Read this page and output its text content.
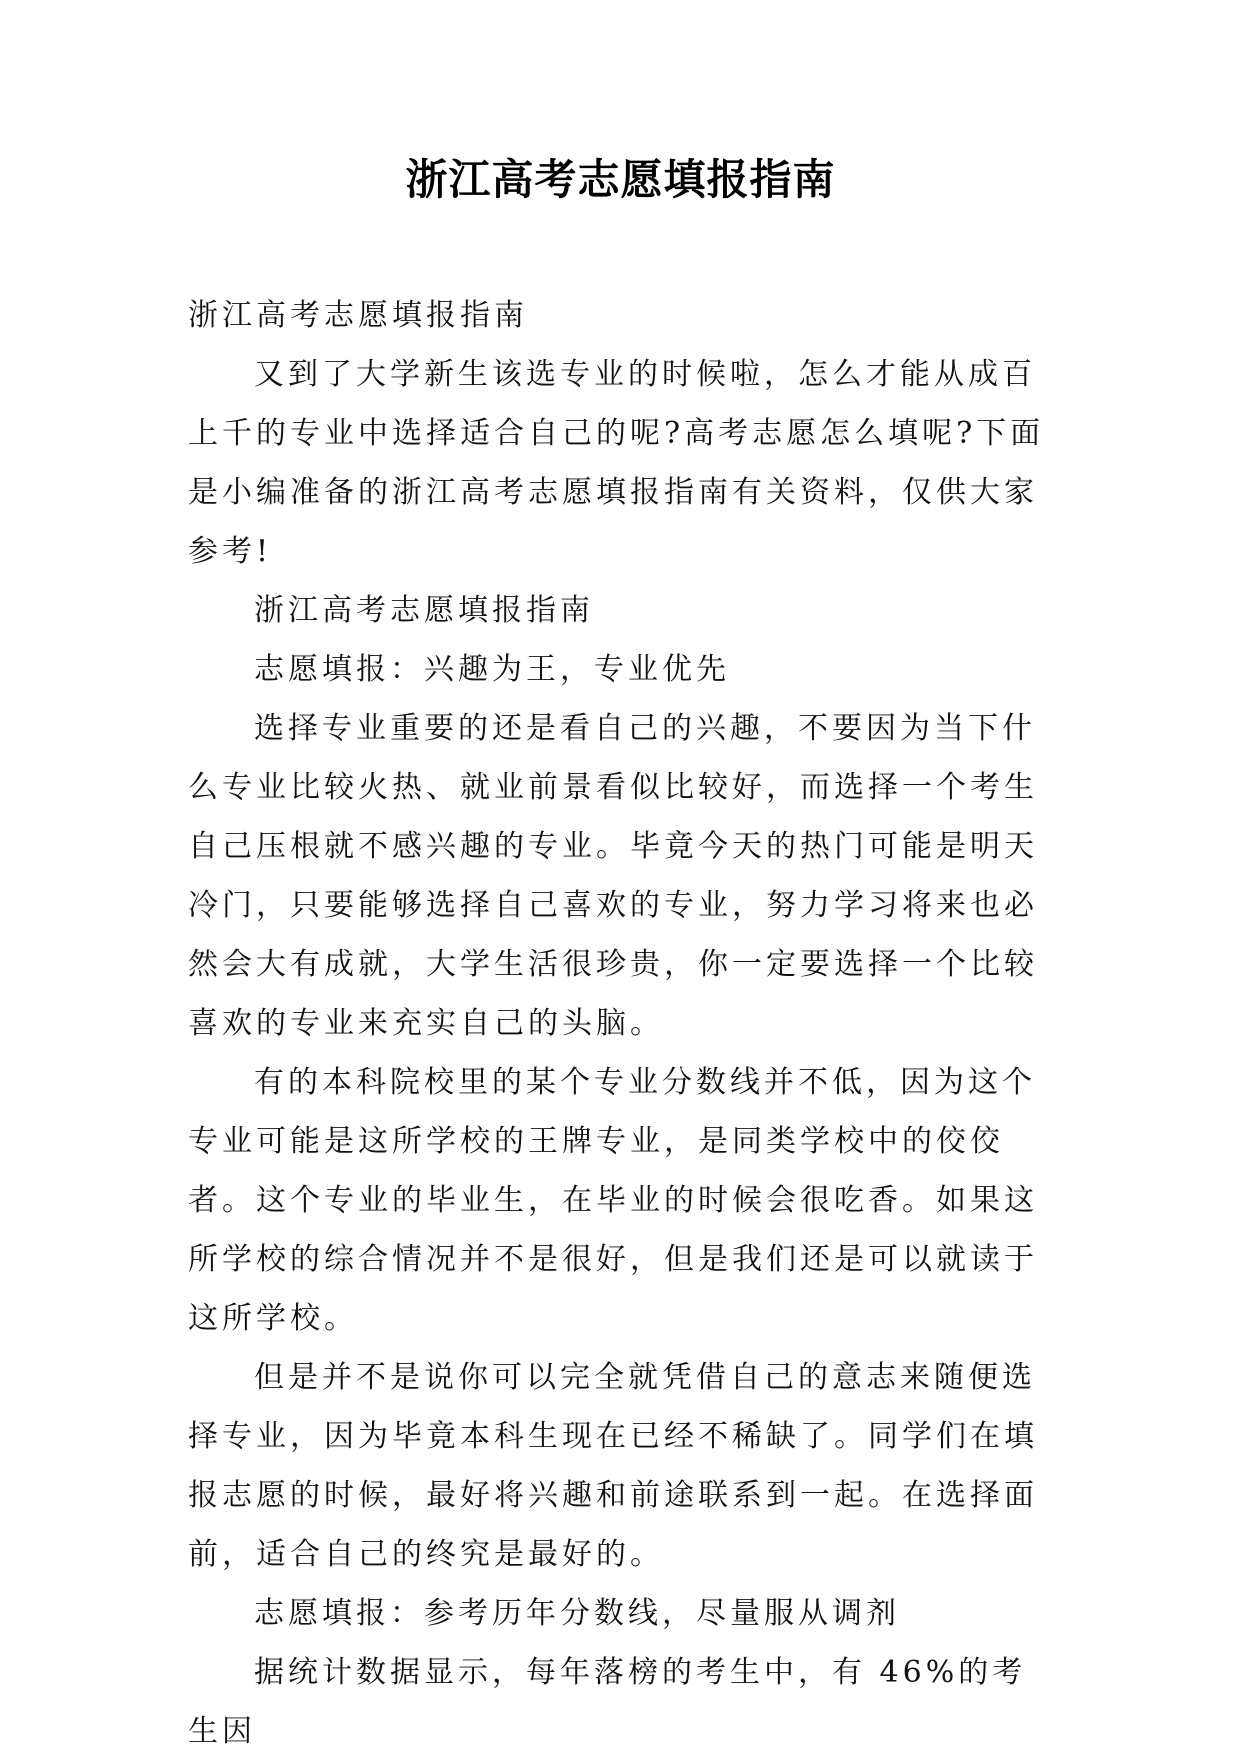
浙江高考志愿填报指南

浙江高考志愿填报指南

又到了大学新生该选专业的时候啦，怎么才能从成百上千的专业中选择适合自己的呢?高考志愿怎么填呢?下面是小编准备的浙江高考志愿填报指南有关资料，仅供大家参考!

浙江高考志愿填报指南

志愿填报：兴趣为王，专业优先

选择专业重要的还是看自己的兴趣，不要因为当下什么专业比较火热、就业前景看似比较好，而选择一个考生自己压根就不感兴趣的专业。毕竟今天的热门可能是明天冷门，只要能够选择自己喜欢的专业，努力学习将来也必然会大有成就，大学生活很珍贵，你一定要选择一个比较喜欢的专业来充实自己的头脑。

有的本科院校里的某个专业分数线并不低，因为这个专业可能是这所学校的王牌专业，是同类学校中的佼佼者。这个专业的毕业生，在毕业的时候会很吃香。如果这所学校的综合情况并不是很好，但是我们还是可以就读于这所学校。

但是并不是说你可以完全就凭借自己的意志来随便选择专业，因为毕竟本科生现在已经不稀缺了。同学们在填报志愿的时候，最好将兴趣和前途联系到一起。在选择面前，适合自己的终究是最好的。

志愿填报：参考历年分数线，尽量服从调剂

据统计数据显示，每年落榜的考生中，有 46%的考生因
